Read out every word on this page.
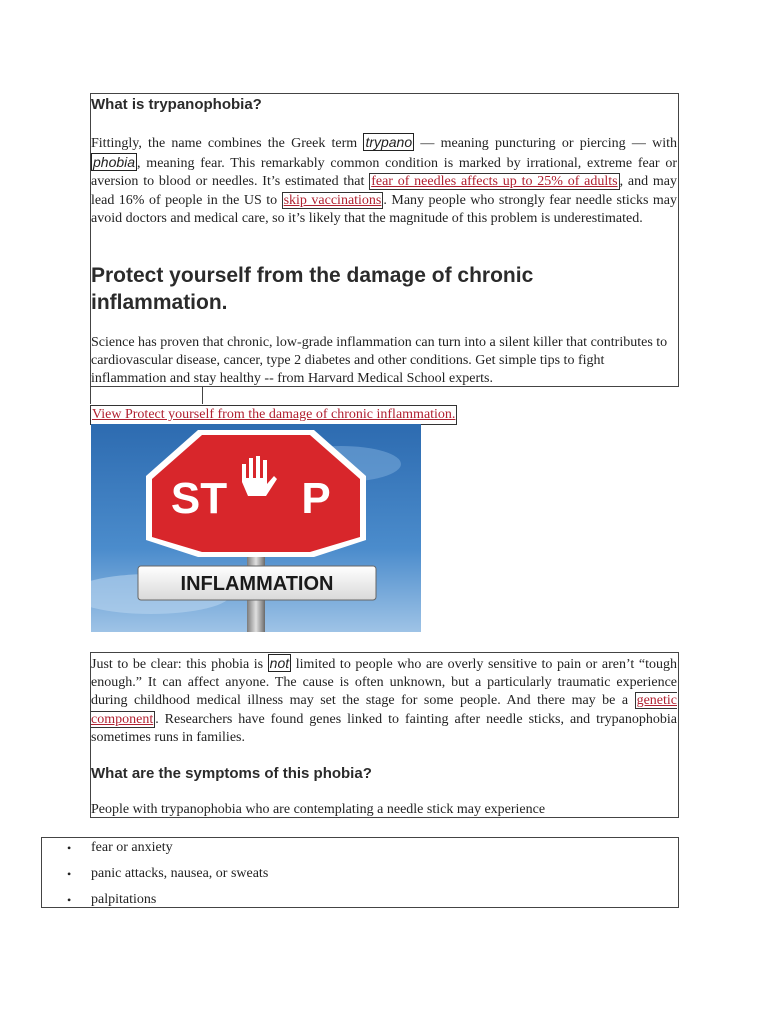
What is trypanophobia?

Fittingly, the name combines the Greek term trypano — meaning puncturing or piercing — with phobia , meaning fear. This remarkably common condition is marked by irrational, extreme fear or aversion to blood or needles. It’s estimated that fear of needles affects up to 25% of adults , and may lead 16% of people in the US to skip vaccinations . Many people who strongly fear needle sticks may avoid doctors and medical care, so it’s likely that the magnitude of this problem is underestimated.

Protect yourself from the damage of chronic inflammation.

Science has proven that chronic, low-grade inflammation can turn into a silent killer that contributes to cardiovascular disease, cancer, type 2 diabetes and other conditions. Get simple tips to fight inflammation and stay healthy -- from Harvard Medical School experts.

View Protect yourself from the damage of chronic inflammation.
ST P
INFLAMMATION

Just to be clear: this phobia is not limited to people who are overly sensitive to pain or aren’t “tough enough.” It can affect anyone. The cause is often unknown, but a particularly traumatic experience during childhood medical illness may set the stage for some people. And there may be a genetic component . Researchers have found genes linked to fainting after needle sticks, and trypanophobia sometimes runs in families.

What are the symptoms of this phobia?

People with trypanophobia who are contemplating a needle stick may experience

• fear or anxiety
• panic attacks, nausea, or sweats
• palpitations
